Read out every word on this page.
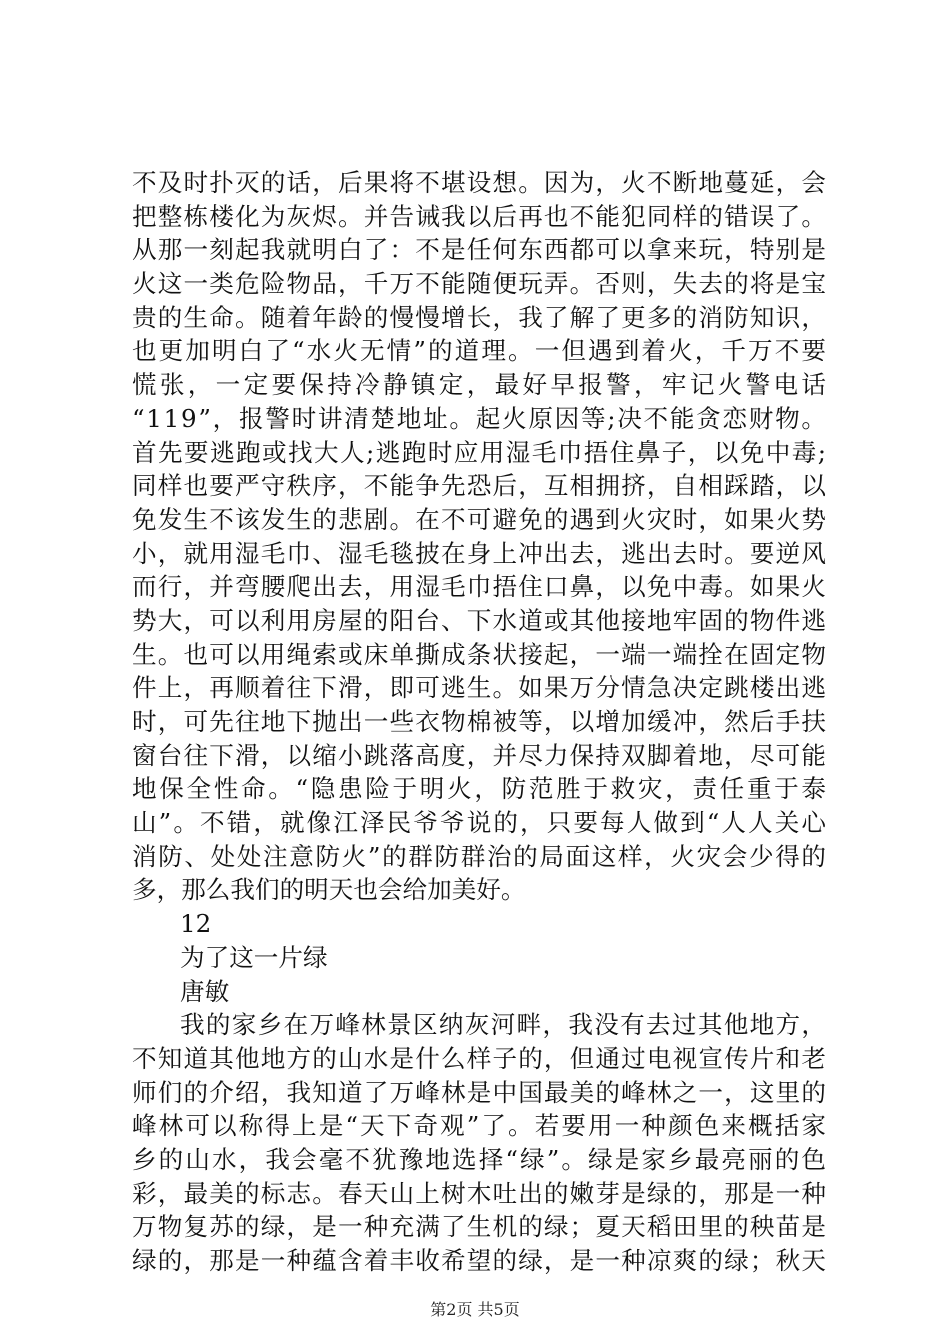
不及时扑灭的话，后果将不堪设想。因为，火不断地蔓延，会
把整栋楼化为灰烬。并告诫我以后再也不能犯同样的错误了。
从那一刻起我就明白了：不是任何东西都可以拿来玩，特别是
火这一类危险物品，千万不能随便玩弄。否则，失去的将是宝
贵的生命。随着年龄的慢慢增长，我了解了更多的消防知识，
也更加明白了“水火无情”的道理。一但遇到着火，千万不要
慌张，一定要保持冷静镇定，最好早报警，牢记火警电话
“119”，报警时讲清楚地址。起火原因等;决不能贪恋财物。
首先要逃跑或找大人;逃跑时应用湿毛巾捂住鼻子，以免中毒;
同样也要严守秩序，不能争先恐后，互相拥挤，自相踩踏，以
免发生不该发生的悲剧。在不可避免的遇到火灾时，如果火势
小，就用湿毛巾、湿毛毯披在身上冲出去，逃出去时。要逆风
而行，并弯腰爬出去，用湿毛巾捂住口鼻，以免中毒。如果火
势大，可以利用房屋的阳台、下水道或其他接地牢固的物件逃
生。也可以用绳索或床单撕成条状接起，一端一端拴在固定物
件上，再顺着往下滑，即可逃生。如果万分情急决定跳楼出逃
时，可先往地下抛出一些衣物棉被等，以增加缓冲，然后手扶
窗台往下滑，以缩小跳落高度，并尽力保持双脚着地，尽可能
地保全性命。“隐患险于明火，防范胜于救灾，责任重于泰
山”。不错，就像江泽民爷爷说的，只要每人做到“人人关心
消防、处处注意防火”的群防群治的局面这样，火灾会少得的
多，那么我们的明天也会给加美好。
12
为了这一片绿
唐敏
我的家乡在万峰林景区纳灰河畔，我没有去过其他地方，
不知道其他地方的山水是什么样子的，但通过电视宣传片和老
师们的介绍，我知道了万峰林是中国最美的峰林之一，这里的
峰林可以称得上是“天下奇观”了。若要用一种颜色来概括家
乡的山水，我会毫不犹豫地选择“绿”。绿是家乡最亮丽的色
彩，最美的标志。春天山上树木吐出的嫩芽是绿的，那是一种
万物复苏的绿，是一种充满了生机的绿；夏天稻田里的秧苗是
绿的，那是一种蕴含着丰收希望的绿，是一种凉爽的绿；秋天
第2页 共5页
